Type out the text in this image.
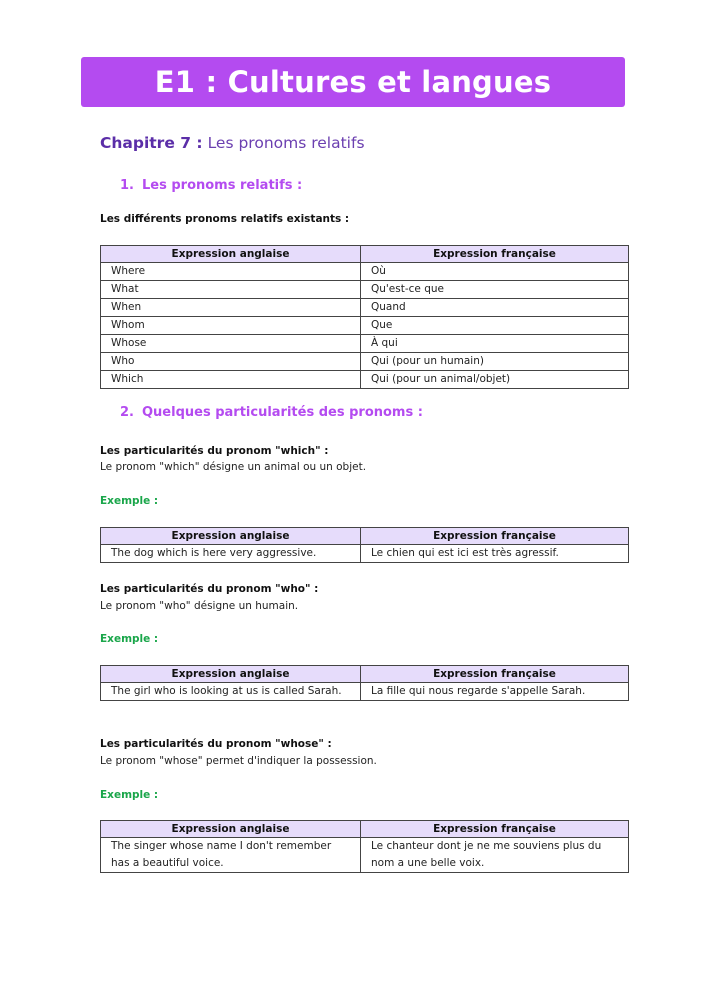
E1 : Cultures et langues
Chapitre 7 : Les pronoms relatifs
1. Les pronoms relatifs :
Les différents pronoms relatifs existants :
Expression anglaise	Expression française
Where	Où
What	Qu'est-ce que
When	Quand
Whom	Que
Whose	À qui
Who	Qui (pour un humain)
Which	Qui (pour un animal/objet)
2. Quelques particularités des pronoms :
Les particularités du pronom "which" :
Le pronom "which" désigne un animal ou un objet.
Exemple :
Expression anglaise	Expression française
The dog which is here very aggressive.	Le chien qui est ici est très agressif.
Les particularités du pronom "who" :
Le pronom "who" désigne un humain.
Exemple :
Expression anglaise	Expression française
The girl who is looking at us is called Sarah.	La fille qui nous regarde s'appelle Sarah.
Les particularités du pronom "whose" :
Le pronom "whose" permet d'indiquer la possession.
Exemple :
Expression anglaise	Expression française
The singer whose name I don't remember has a beautiful voice.	Le chanteur dont je ne me souviens plus du nom a une belle voix.
